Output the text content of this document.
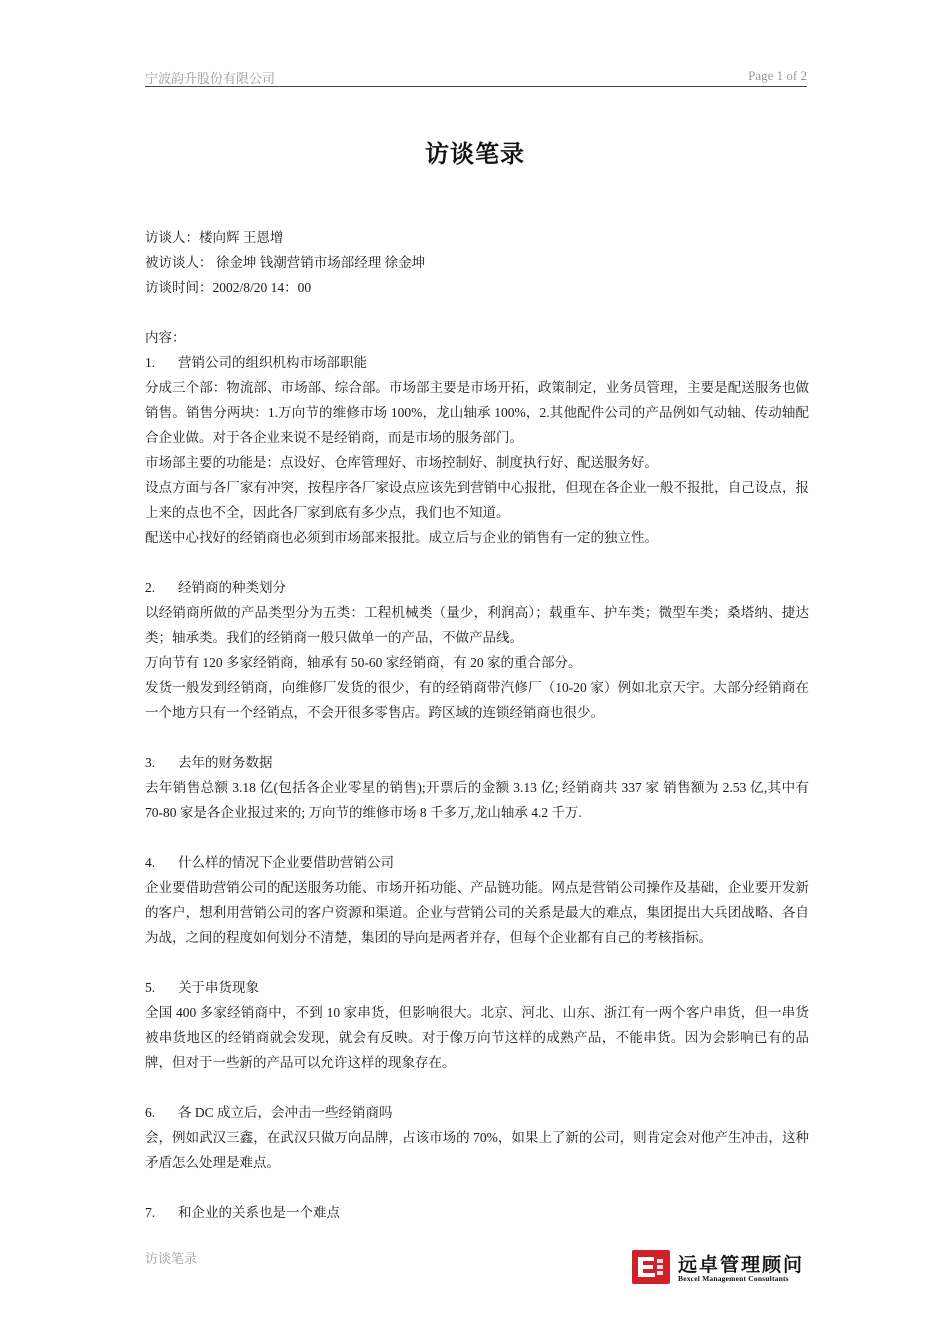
宁波韵升股份有限公司	Page 1 of 2
访谈笔录
访谈人：楼向辉 王恩增
被访谈人： 徐金坤 钱潮营销市场部经理 徐金坤
访谈时间：2002/8/20 14：00
内容：
1. 营销公司的组织机构市场部职能
分成三个部：物流部、市场部、综合部。市场部主要是市场开拓，政策制定，业务员管理，主要是配送服务也做销售。销售分两块：1.万向节的维修市场 100%，龙山轴承 100%，2.其他配件公司的产品例如气动轴、传动轴配合企业做。对于各企业来说不是经销商，而是市场的服务部门。
市场部主要的功能是：点设好、仓库管理好、市场控制好、制度执行好、配送服务好。
设点方面与各厂家有冲突，按程序各厂家设点应该先到营销中心报批，但现在各企业一般不报批，自己设点，报上来的点也不全，因此各厂家到底有多少点，我们也不知道。
配送中心找好的经销商也必须到市场部来报批。成立后与企业的销售有一定的独立性。
2. 经销商的种类划分
以经销商所做的产品类型分为五类：工程机械类（量少，利润高）；载重车、护车类；微型车类；桑塔纳、捷达类；轴承类。我们的经销商一般只做单一的产品，不做产品线。
万向节有 120 多家经销商，轴承有 50-60 家经销商，有 20 家的重合部分。
发货一般发到经销商，向维修厂发货的很少，有的经销商带汽修厂（10-20 家）例如北京天宇。大部分经销商在一个地方只有一个经销点，不会开很多零售店。跨区域的连锁经销商也很少。
3. 去年的财务数据
去年销售总额 3.18 亿(包括各企业零星的销售);开票后的金额 3.13 亿; 经销商共 337 家 销售额为 2.53 亿,其中有 70-80 家是各企业报过来的; 万向节的维修市场 8 千多万,龙山轴承 4.2 千万.
4. 什么样的情况下企业要借助营销公司
企业要借助营销公司的配送服务功能、市场开拓功能、产品链功能。网点是营销公司操作及基础，企业要开发新的客户，想利用营销公司的客户资源和渠道。企业与营销公司的关系是最大的难点，集团提出大兵团战略、各自为战，之间的程度如何划分不清楚，集团的导向是两者并存，但每个企业都有自己的考核指标。
5. 关于串货现象
全国 400 多家经销商中，不到 10 家串货，但影响很大。北京、河北、山东、浙江有一两个客户串货，但一串货被串货地区的经销商就会发现，就会有反映。对于像万向节这样的成熟产品，不能串货。因为会影响已有的品牌，但对于一些新的产品可以允许这样的现象存在。
6. 各 DC 成立后，会冲击一些经销商吗
会，例如武汉三鑫，在武汉只做万向品牌，占该市场的 70%，如果上了新的公司，则肯定会对他产生冲击，这种矛盾怎么处理是难点。
7. 和企业的关系也是一个难点
访谈笔录	远卓管理顾问
Bexcel Management Consultants
